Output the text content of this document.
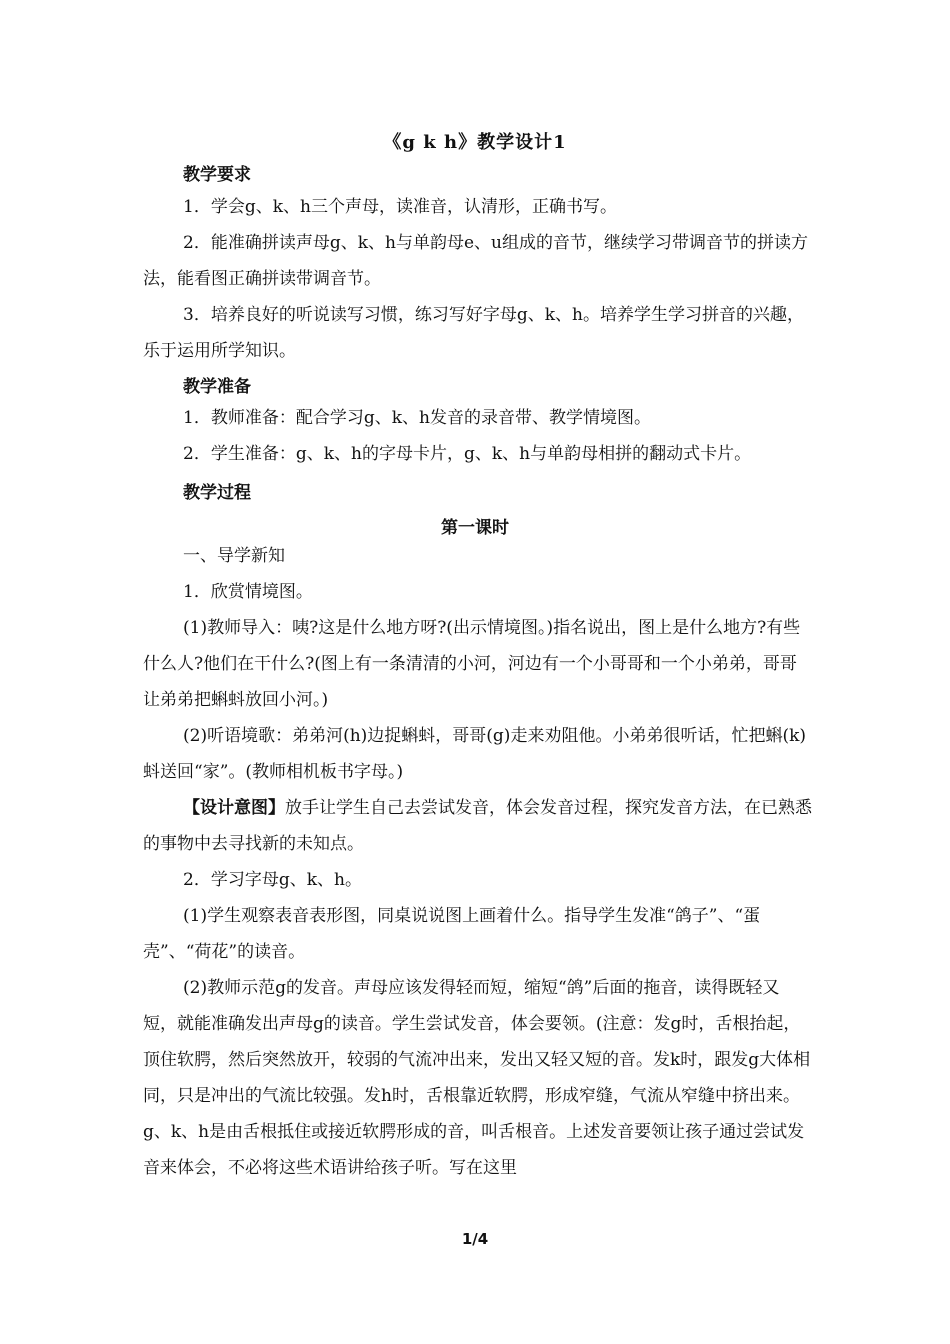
《g k h》教学设计1
教学要求

1．学会g、k、h三个声母，读准音，认清形，正确书写。

2．能准确拼读声母g、k、h与单韵母e、u组成的音节，继续学习带调音节的拼读方法，能看图正确拼读带调音节。

3．培养良好的听说读写习惯，练习写好字母g、k、h。培养学生学习拼音的兴趣，乐于运用所学知识。

教学准备

1．教师准备：配合学习g、k、h发音的录音带、教学情境图。

2．学生准备：g、k、h的字母卡片，g、k、h与单韵母相拼的翻动式卡片。

教学过程
第一课时

一、导学新知

1．欣赏情境图。

(1)教师导入：咦?这是什么地方呀?(出示情境图。)指名说出，图上是什么地方?有些什么人?他们在干什么?(图上有一条清清的小河，河边有一个小哥哥和一个小弟弟，哥哥让弟弟把蝌蚪放回小河。)

(2)听语境歌：弟弟河(h)边捉蝌蚪，哥哥(g)走来劝阻他。小弟弟很听话，忙把蝌(k)蚪送回“家”。(教师相机板书字母。)

【设计意图】放手让学生自己去尝试发音，体会发音过程，探究发音方法，在已熟悉的事物中去寻找新的未知点。

2．学习字母g、k、h。

(1)学生观察表音表形图，同桌说说图上画着什么。指导学生发准“鸽子”、“蛋壳”、“荷花”的读音。

(2)教师示范g的发音。声母应该发得轻而短，缩短“鸽”后面的拖音，读得既轻又短，就能准确发出声母g的读音。学生尝试发音，体会要领。(注意：发g时，舌根抬起，顶住软腭，然后突然放开，较弱的气流冲出来，发出又轻又短的音。发k时，跟发g大体相同，只是冲出的气流比较强。发h时，舌根靠近软腭，形成窄缝，气流从窄缝中挤出来。g、k、h是由舌根抵住或接近软腭形成的音，叫舌根音。上述发音要领让孩子通过尝试发音来体会，不必将这些术语讲给孩子听。写在这里

1/4
